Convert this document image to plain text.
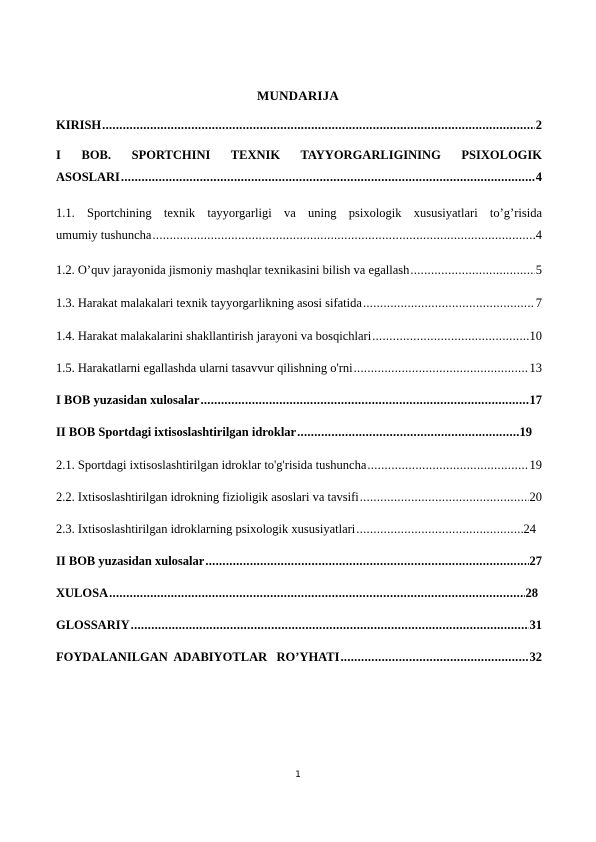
MUNDARIJA
KIRISH .....	2
I BOB. SPORTCHINI TEXNIK TAYYORGARLIGINING PSIXOLOGIK
ASOSLARI .....	4
1.1. Sportchining texnik tayyorgarligi va uning psixologik xususiyatlari to’g’risida
umumiy tushuncha .....	4
1.2. O’quv jarayonida jismoniy mashqlar texnikasini bilish va egallash .....	5
1.3. Harakat malakalari texnik tayyorgarlikning asosi sifatida .....	7
1.4. Harakat malakalarini shakllantirish jarayoni va bosqichlari .....	10
1.5. Harakatlarni egallashda ularni tasavvur qilishning o'rni .....	13
I BOB yuzasidan xulosalar .....	17
II BOB Sportdagi ixtisoslashtirilgan idroklar .....	19
2.1. Sportdagi ixtisoslashtirilgan idroklar to'g'risida tushuncha .....	19
2.2. Ixtisoslashtirilgan idrokning fizioligik asoslari va tavsifi .....	20
2.3. Ixtisoslashtirilgan idroklarning psixologik xususiyatlari .....	24
II BOB yuzasidan xulosalar .....	27
XULOSA .....	28
GLOSSARIY .....	31
FOYDALANILGAN  ADABIYOTLAR   RO’YHATI .....	32
1
